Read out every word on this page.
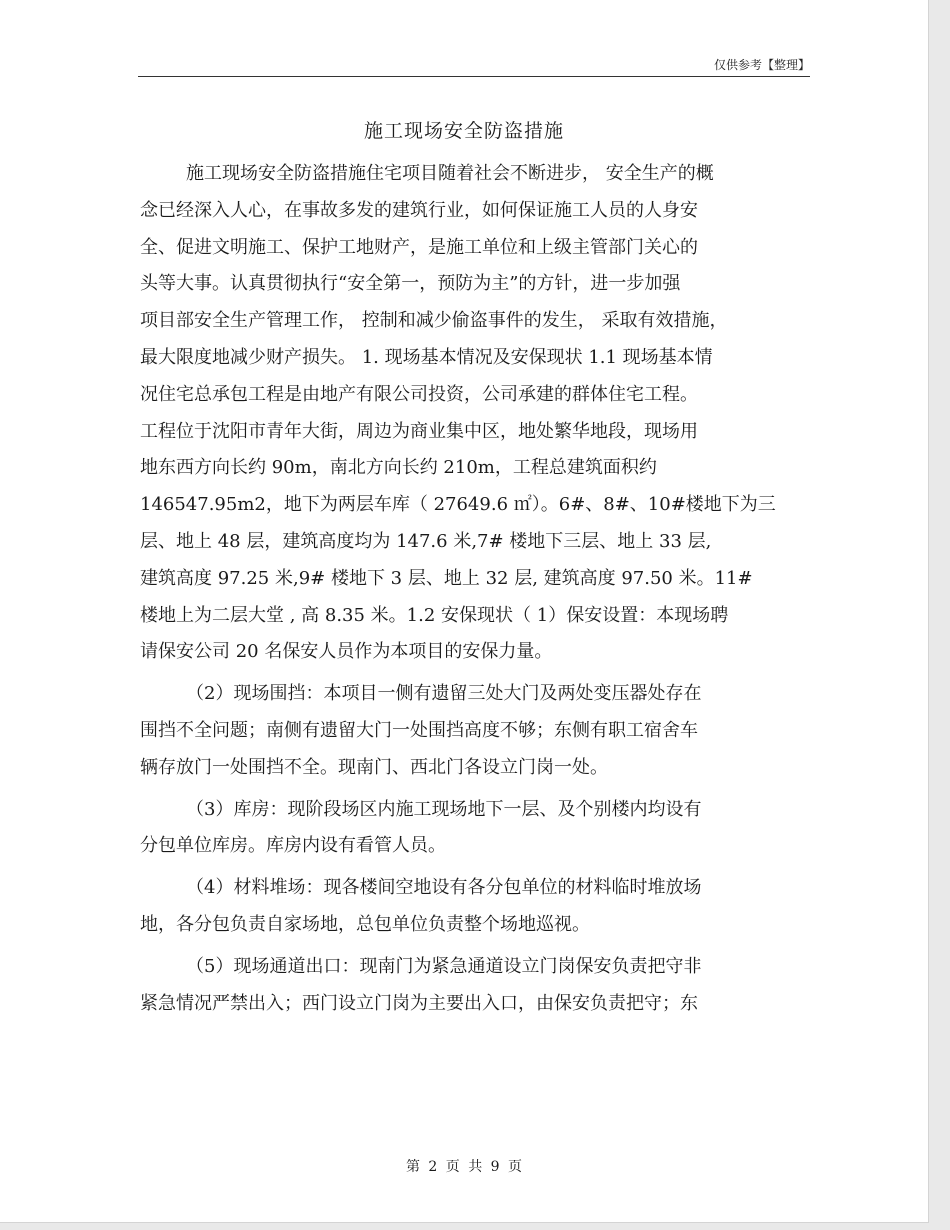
仅供参考【整理】
施工现场安全防盗措施
施工现场安全防盗措施住宅项目随着社会不断进步， 安全生产的概
念已经深入人心，在事故多发的建筑行业，如何保证施工人员的人身安
全、促进文明施工、保护工地财产，是施工单位和上级主管部门关心的
头等大事。认真贯彻执行“安全第一，预防为主”的方针，进一步加强
项目部安全生产管理工作， 控制和减少偷盗事件的发生， 采取有效措施，
最大限度地减少财产损失。 1. 现场基本情况及安保现状 1.1 现场基本情
况住宅总承包工程是由地产有限公司投资，公司承建的群体住宅工程。
工程位于沈阳市青年大街，周边为商业集中区，地处繁华地段，现场用
地东西方向长约 90m，南北方向长约 210m，工程总建筑面积约
146547.95m2，地下为两层车库（ 27649.6 ㎡）。6#、8#、10#楼地下为三
层、地上 48 层，建筑高度均为 147.6 米,7# 楼地下三层、地上 33 层,
建筑高度 97.25 米,9# 楼地下 3 层、地上 32 层, 建筑高度 97.50 米。11#
楼地上为二层大堂 , 高 8.35 米。1.2 安保现状（ 1）保安设置：本现场聘
请保安公司 20 名保安人员作为本项目的安保力量。
（2）现场围挡：本项目一侧有遗留三处大门及两处变压器处存在
围挡不全问题；南侧有遗留大门一处围挡高度不够；东侧有职工宿舍车
辆存放门一处围挡不全。现南门、西北门各设立门岗一处。
（3）库房：现阶段场区内施工现场地下一层、及个别楼内均设有
分包单位库房。库房内设有看管人员。
（4）材料堆场：现各楼间空地设有各分包单位的材料临时堆放场
地，各分包负责自家场地，总包单位负责整个场地巡视。
（5）现场通道出口：现南门为紧急通道设立门岗保安负责把守非
紧急情况严禁出入；西门设立门岗为主要出入口，由保安负责把守；东
第 2 页 共 9 页
